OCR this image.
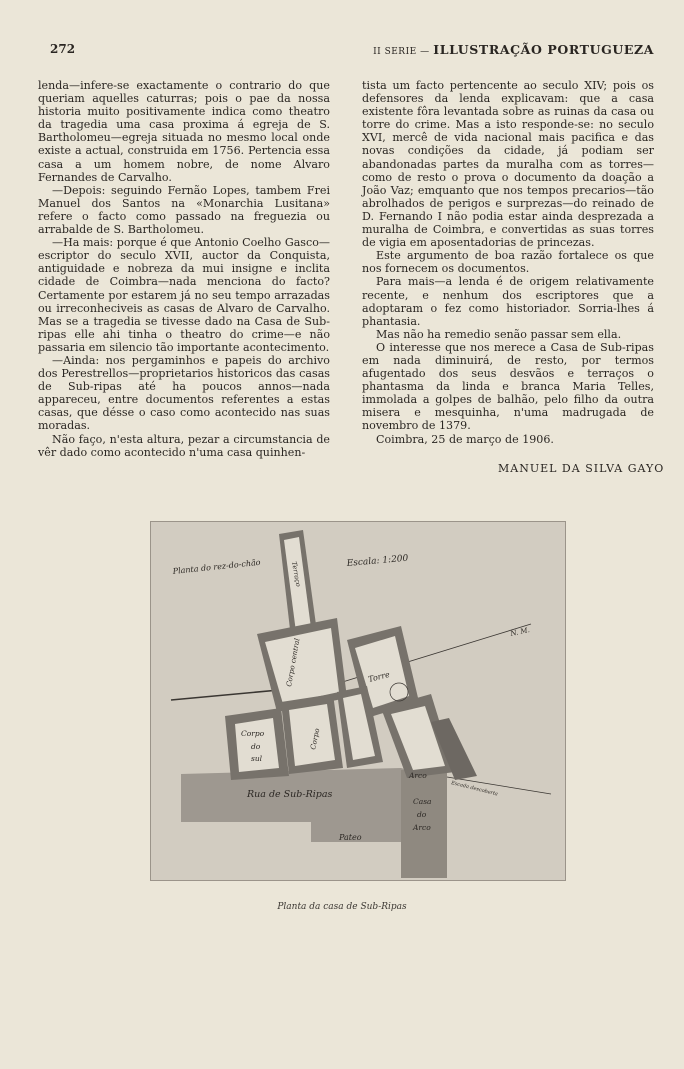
272	II SERIE — ILLUSTRAÇÃO PORTUGUEZA

lenda—infere-se exactamente o contrario do que queriam aquelles caturras; pois o pae da nossa historia muito positivamente indica como theatro da tragedia uma casa proxima á egreja de S. Bartholomeu—egreja situada no mesmo local onde existe a actual, construida em 1756. Pertencia essa casa a um homem nobre, de nome Alvaro Fernandes de Carvalho.

—Depois: seguindo Fernão Lopes, tambem Frei Manuel dos Santos na «Monarchia Lusitana» refere o facto como passado na freguezia ou arrabalde de S. Bartholomeu.

—Ha mais: porque é que Antonio Coelho Gasco—escriptor do seculo XVII, auctor da Conquista, antiguidade e nobreza da mui insigne e inclita cidade de Coimbra—nada menciona do facto? Certamente por estarem já no seu tempo arrazadas ou irreconheciveis as casas de Alvaro de Carvalho. Mas se a tragedia se tivesse dado na Casa de Sub-ripas elle ahi tinha o theatro do crime—e não passaria em silencio tão importante acontecimento.

—Ainda: nos pergaminhos e papeis do archivo dos Perestrellos—proprietarios historicos das casas de Sub-ripas até ha poucos annos—nada appareceu, entre documentos referentes a estas casas, que désse o caso como acontecido nas suas moradas.

Não faço, n'esta altura, pezar a circumstancia de vêr dado como acontecido n'uma casa quinhen-

tista um facto pertencente ao seculo XIV; pois os defensores da lenda explicavam: que a casa existente fôra levantada sobre as ruinas da casa ou torre do crime. Mas a isto responde-se: no seculo XVI, mercê de vida nacional mais pacifica e das novas condições da cidade, já podiam ser abandonadas partes da muralha com as torres—como de resto o prova o documento da doação a João Vaz; emquanto que nos tempos precarios—tão abrolhados de perigos e surprezas—do reinado de D. Fernando I não podia estar ainda desprezada a muralha de Coimbra, e convertidas as suas torres de vigia em aposentadorias de princezas.

Este argumento de boa razão fortalece os que nos fornecem os documentos.

Para mais—a lenda é de origem relativamente recente, e nenhum dos escriptores que a adoptaram o fez como historiador. Sorria-lhes á phantasia.

Mas não ha remedio senão passar sem ella.

O interesse que nos merece a Casa de Sub-ripas em nada diminuirá, de resto, por termos afugentado dos seus desvãos e terraços o phantasma da linda e branca Maria Telles, immolada a golpes de balhão, pelo filho da outra misera e mesquinha, n'uma madrugada de novembro de 1379.

Coimbra, 25 de março de 1906.

MANUEL DA SILVA GAYO
Planta do rez-do-chão	Escala: 1:200
N. M.
Terraço
Corpo central	Torre
Corpo
do
sul
Corpo
Arco
Casa
do
Arco
Rua de Sub-Ripas
Pateo
Escada descoberta
Planta da casa de Sub-Ripas
